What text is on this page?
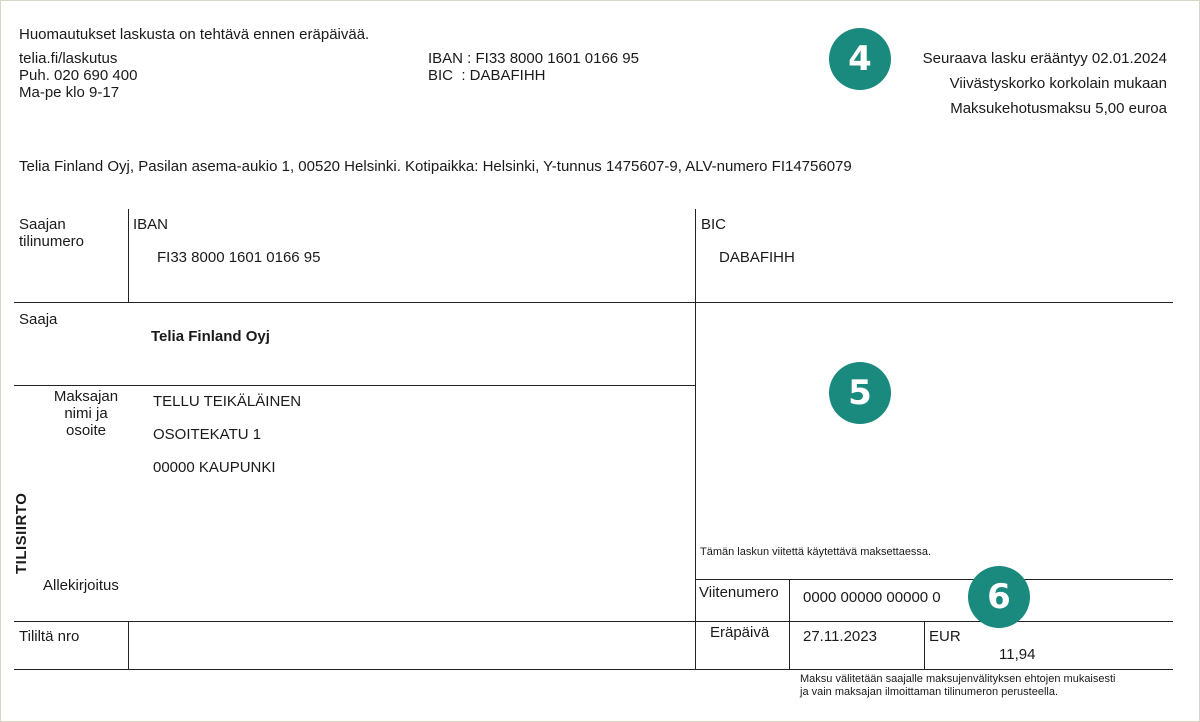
Huomautukset laskusta on tehtävä ennen eräpäivää.
telia.fi/laskutus
Puh. 020 690 400
Ma-pe klo 9-17
IBAN : FI33 8000 1601 0166 95
BIC  : DABAFIHH	4	Seuraava lasku erääntyy 02.01.2024
Viivästyskorko korkolain mukaan
Maksukehotusmaksu 5,00 euroa
Telia Finland Oyj, Pasilan asema-aukio 1, 00520 Helsinki. Kotipaikka: Helsinki, Y-tunnus 1475607-9, ALV-numero FI14756079
Saajan
tilinumero
IBAN
FI33 8000 1601 0166 95
BIC
DABAFIHH
Saaja
Telia Finland Oyj
Maksajan
nimi ja
osoite
TELLU TEIKÄLÄINEN
OSOITEKATU 1
00000 KAUPUNKI
TILISIIRTO
Allekirjoitus
Tililtä nro
5
Tämän laskun viitettä käytettävä maksettaessa.
Viitenumero 0000 00000 00000 0	6
Eräpäivä 27.11.2023	EUR
11,94
Maksu välitetään saajalle maksujenvälityksen ehtojen mukaisesti
ja vain maksajan ilmoittaman tilinumeron perusteella.
